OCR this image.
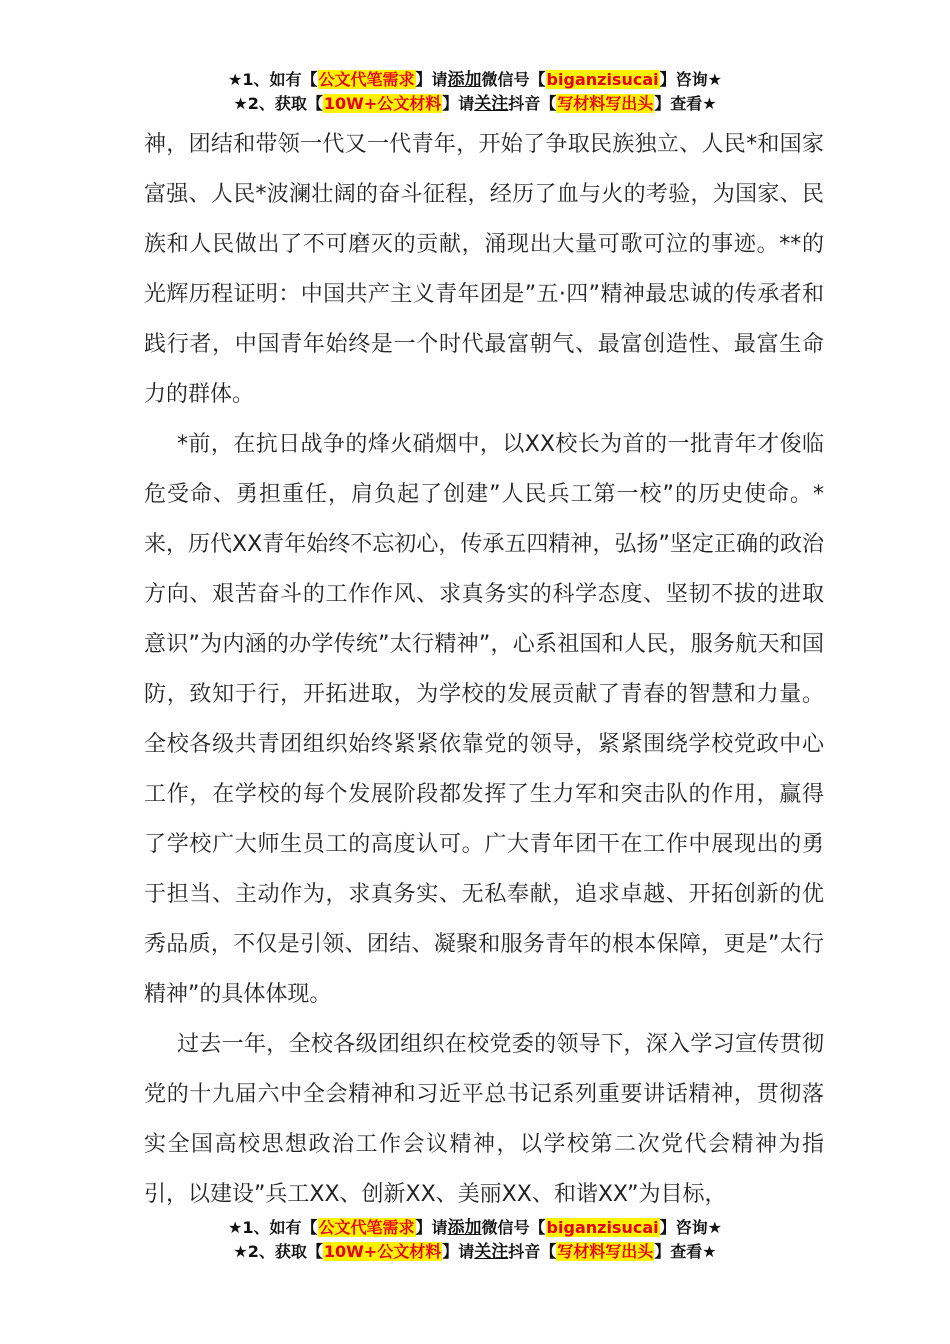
★1、如有【公文代笔需求】请添加微信号【biganzisucai】咨询★
★2、获取【10W+公文材料】请关注抖音【写材料写出头】查看★

神，团结和带领一代又一代青年，开始了争取民族独立、人民*和国家富强、人民*波澜壮阔的奋斗征程，经历了血与火的考验，为国家、民族和人民做出了不可磨灭的贡献，涌现出大量可歌可泣的事迹。**的光辉历程证明：中国共产主义青年团是”五·四”精神最忠诚的传承者和践行者，中国青年始终是一个时代最富朝气、最富创造性、最富生命力的群体。

*前，在抗日战争的烽火硝烟中，以XX校长为首的一批青年才俊临危受命、勇担重任，肩负起了创建”人民兵工第一校”的历史使命。*来，历代XX青年始终不忘初心，传承五四精神，弘扬”坚定正确的政治方向、艰苦奋斗的工作作风、求真务实的科学态度、坚韧不拔的进取意识”为内涵的办学传统”太行精神”，心系祖国和人民，服务航天和国防，致知于行，开拓进取，为学校的发展贡献了青春的智慧和力量。全校各级共青团组织始终紧紧依靠党的领导，紧紧围绕学校党政中心工作，在学校的每个发展阶段都发挥了生力军和突击队的作用，赢得了学校广大师生员工的高度认可。广大青年团干在工作中展现出的勇于担当、主动作为，求真务实、无私奉献，追求卓越、开拓创新的优秀品质，不仅是引领、团结、凝聚和服务青年的根本保障，更是”太行精神”的具体体现。

过去一年，全校各级团组织在校党委的领导下，深入学习宣传贯彻党的十九届六中全会精神和习近平总书记系列重要讲话精神，贯彻落实全国高校思想政治工作会议精神，以学校第二次党代会精神为指引，以建设”兵工XX、创新XX、美丽XX、和谐XX”为目标，

★1、如有【公文代笔需求】请添加微信号【biganzisucai】咨询★
★2、获取【10W+公文材料】请关注抖音【写材料写出头】查看★
